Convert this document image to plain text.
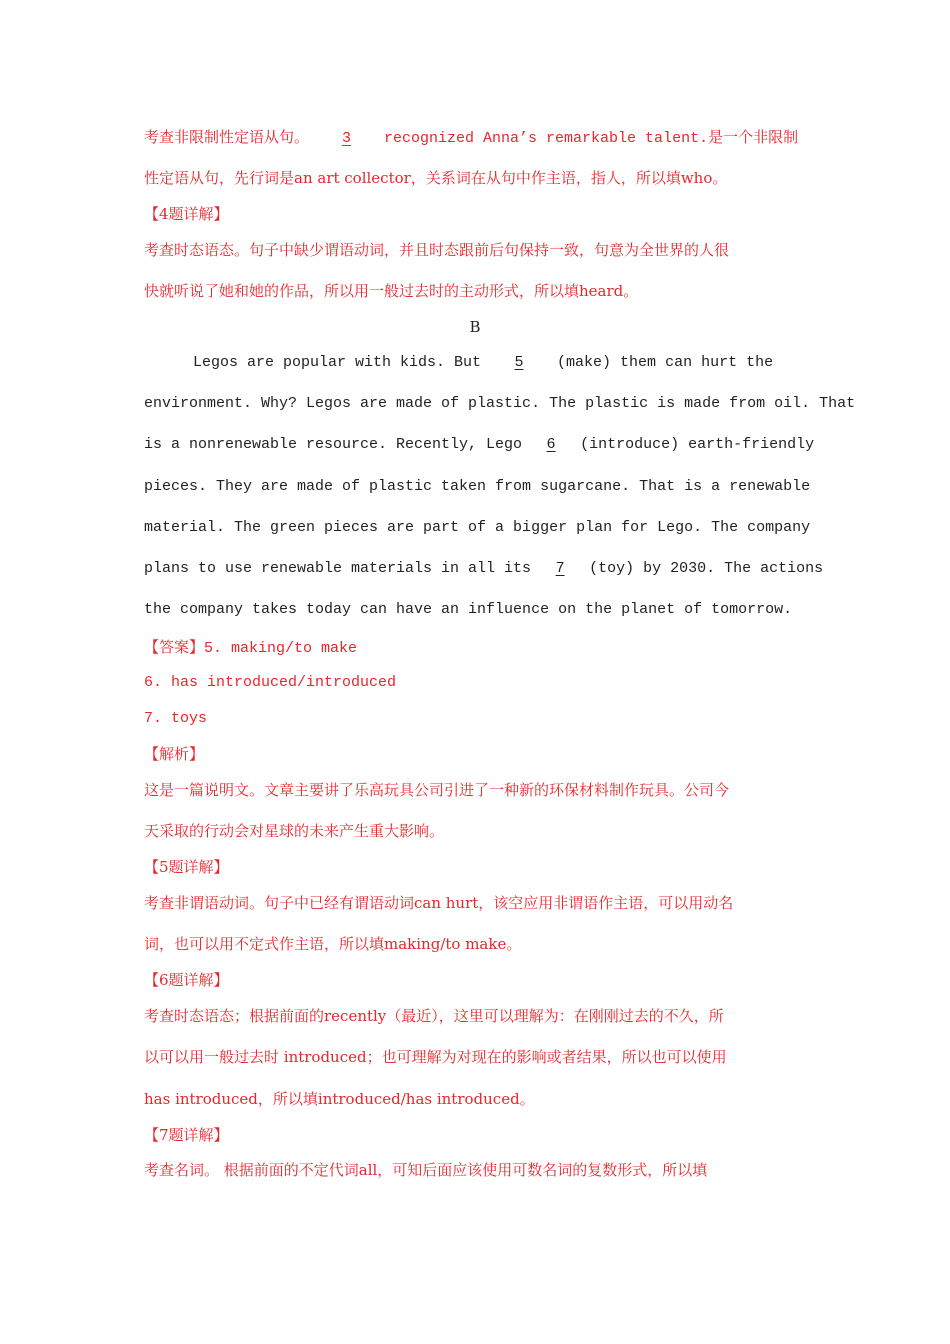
考查非限制性定语从句。 3 recognized Anna’s remarkable talent.是一个非限制
性定语从句，先行词是an art collector，关系词在从句中作主语，指人，所以填who。
【4题详解】
考查时态语态。句子中缺少谓语动词，并且时态跟前后句保持一致，句意为全世界的人很
快就听说了她和她的作品，所以用一般过去时的主动形式，所以填heard。
B
Legos are popular with kids. But 5 (make) them can hurt the
environment. Why? Legos are made of plastic. The plastic is made from oil. That
is a nonrenewable resource. Recently, Lego 6 (introduce) earth-friendly
pieces. They are made of plastic taken from sugarcane. That is a renewable
material. The green pieces are part of a bigger plan for Lego. The company
plans to use renewable materials in all its 7 (toy) by 2030. The actions
the company takes today can have an influence on the planet of tomorrow.
【答案】5. making/to make
6. has introduced/introduced
7. toys
【解析】
这是一篇说明文。文章主要讲了乐高玩具公司引进了一种新的环保材料制作玩具。公司今
天采取的行动会对星球的未来产生重大影响。
【5题详解】
考查非谓语动词。句子中已经有谓语动词can hurt，该空应用非谓语作主语，可以用动名
词，也可以用不定式作主语，所以填making/to make。
【6题详解】
考查时态语态；根据前面的recently（最近），这里可以理解为：在刚刚过去的不久，所
以可以用一般过去时 introduced；也可理解为对现在的影响或者结果，所以也可以使用
has introduced，所以填introduced/has introduced。
【7题详解】
考查名词。 根据前面的不定代词all，可知后面应该使用可数名词的复数形式，所以填
